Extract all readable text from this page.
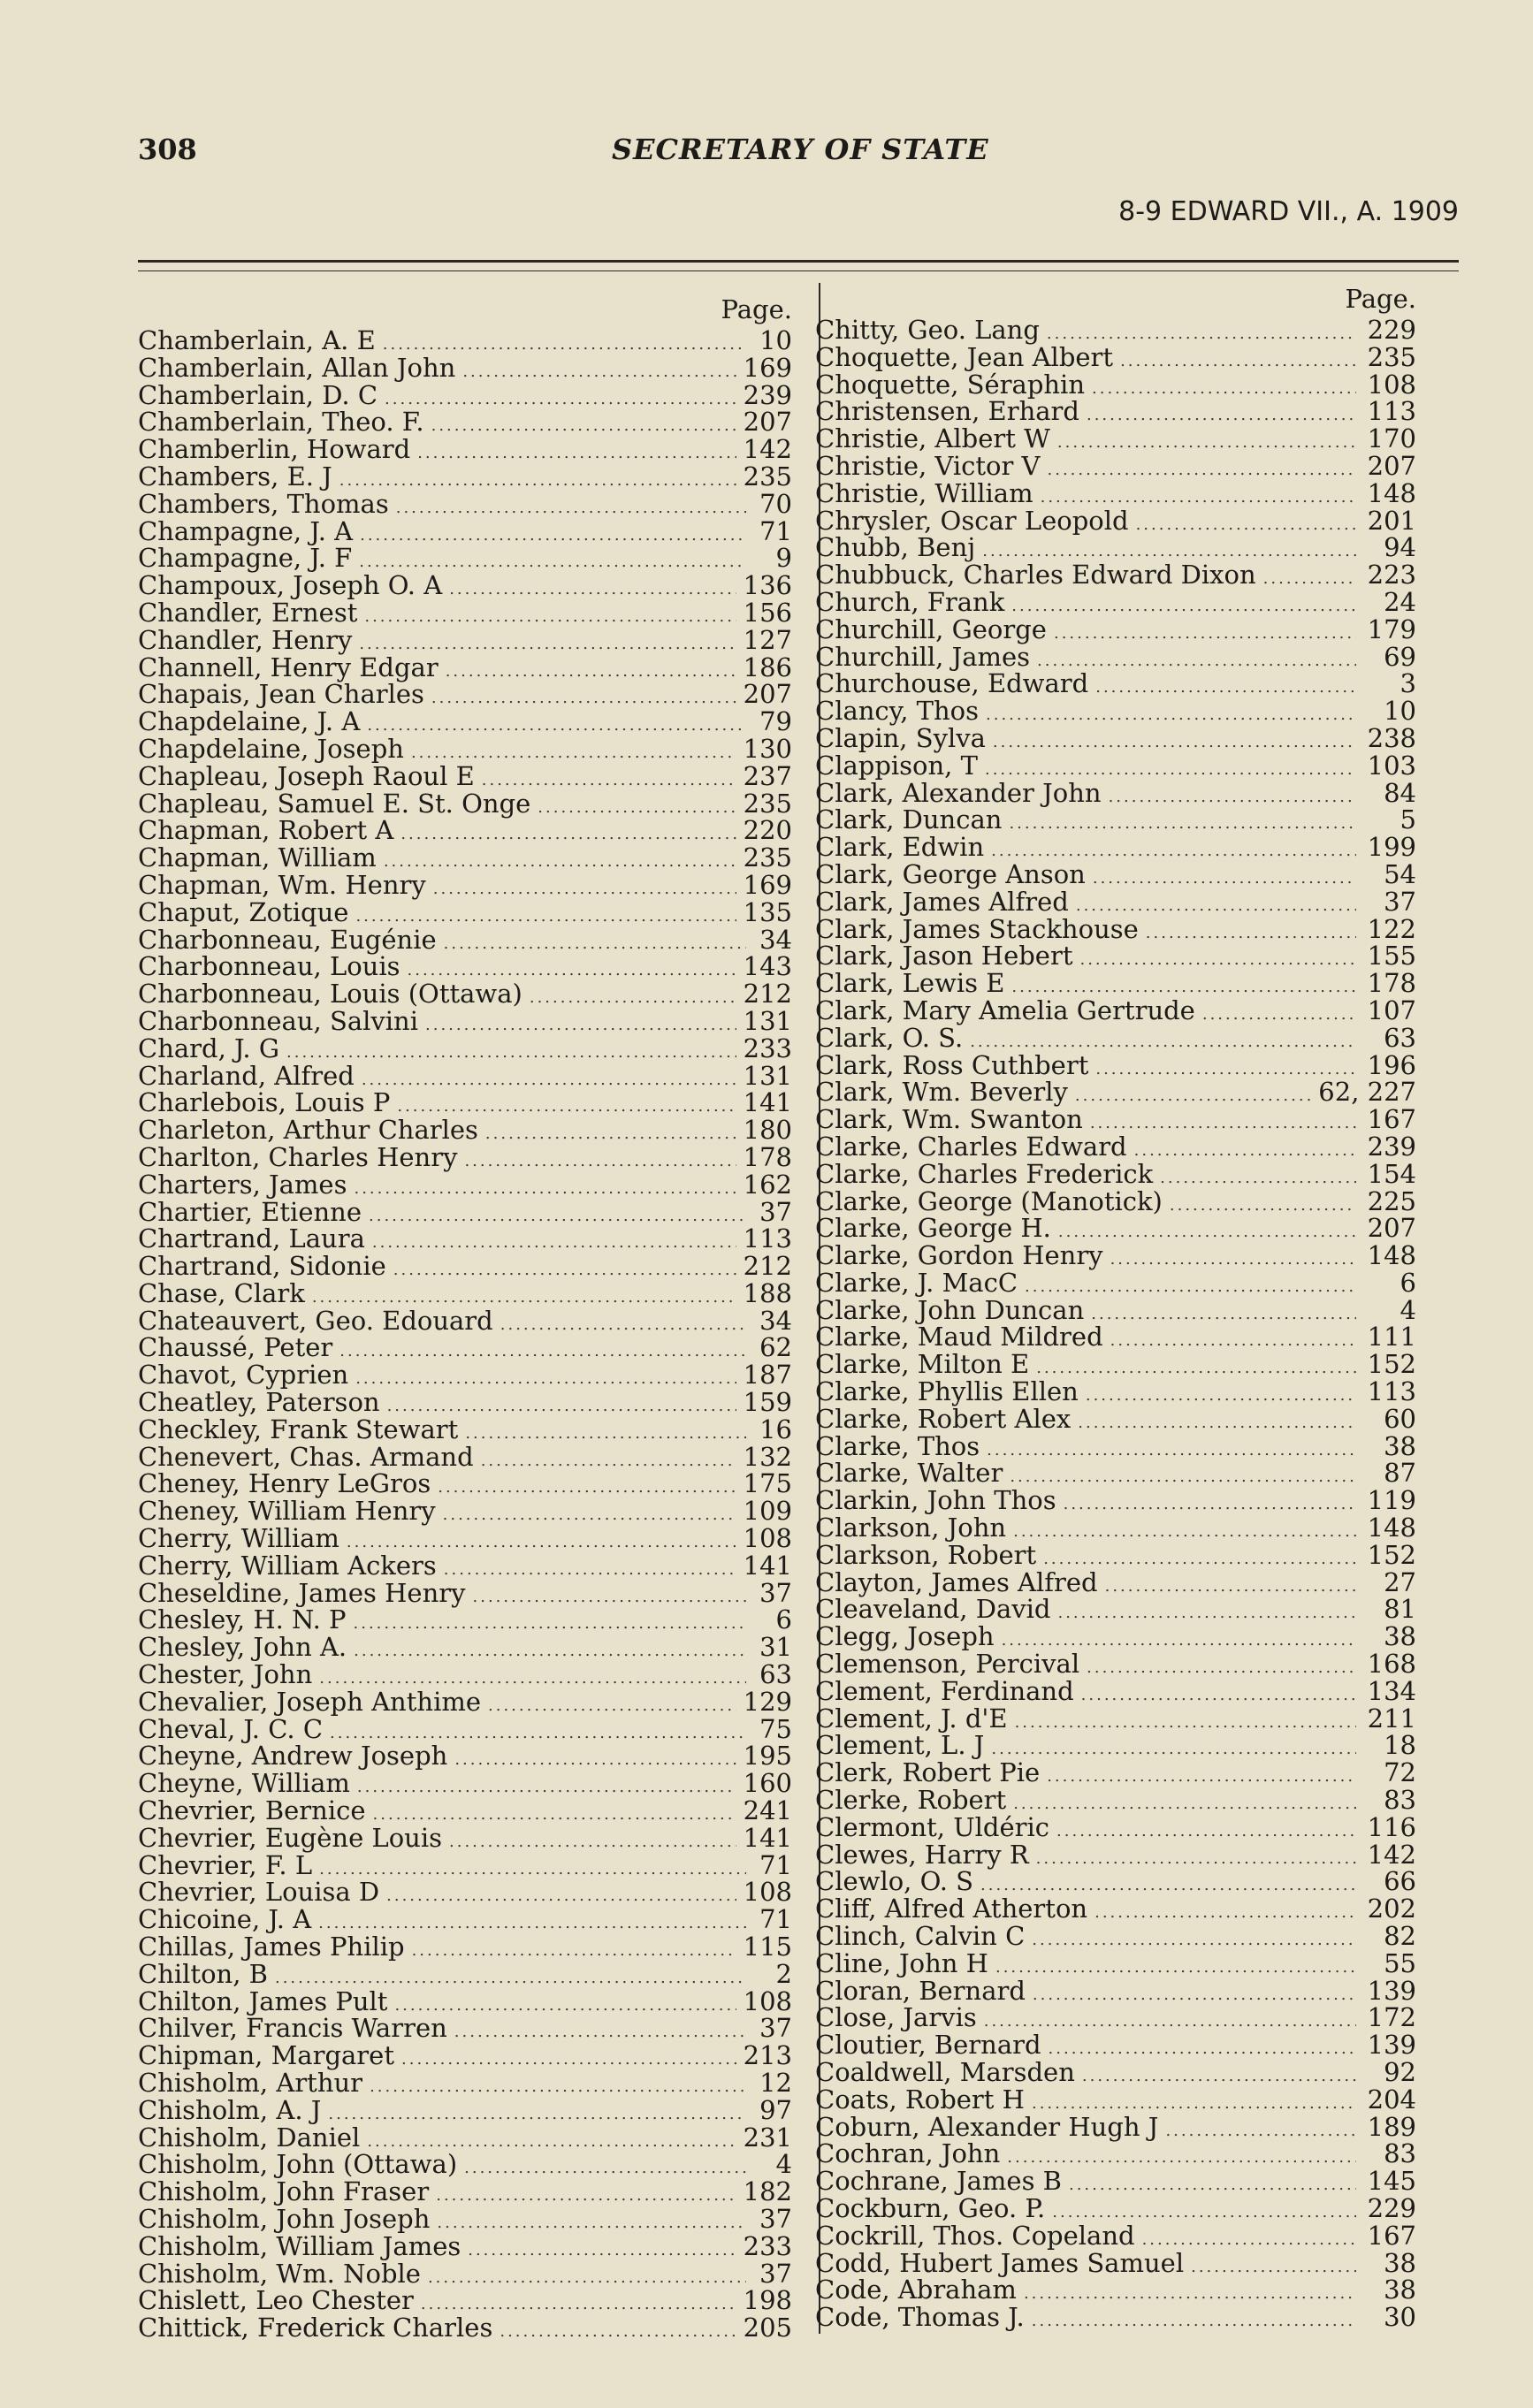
308	SECRETARY OF STATE
8-9 EDWARD VII., A. 1909
Page.
Chamberlain, A. E .....	10
Chamberlain, Allan John .....	169
Chamberlain, D. C .....	239
Chamberlain, Theo. F. .....	207
Chamberlin, Howard .....	142
Chambers, E. J .....	235
Chambers, Thomas .....	70
Champagne, J. A .....	71
Champagne, J. F .....	9
Champoux, Joseph O. A .....	136
Chandler, Ernest .....	156
Chandler, Henry .....	127
Channell, Henry Edgar .....	186
Chapais, Jean Charles .....	207
Chapdelaine, J. A .....	79
Chapdelaine, Joseph .....	130
Chapleau, Joseph Raoul E .....	237
Chapleau, Samuel E. St. Onge .....	235
Chapman, Robert A .....	220
Chapman, William .....	235
Chapman, Wm. Henry .....	169
Chaput, Zotique .....	135
Charbonneau, Eugénie .....	34
Charbonneau, Louis .....	143
Charbonneau, Louis (Ottawa) .....	212
Charbonneau, Salvini .....	131
Chard, J. G .....	233
Charland, Alfred .....	131
Charlebois, Louis P .....	141
Charleton, Arthur Charles .....	180
Charlton, Charles Henry .....	178
Charters, James .....	162
Chartier, Etienne .....	37
Chartrand, Laura .....	113
Chartrand, Sidonie .....	212
Chase, Clark .....	188
Chateauvert, Geo. Edouard .....	34
Chaussé, Peter .....	62
Chavot, Cyprien .....	187
Cheatley, Paterson .....	159
Checkley, Frank Stewart .....	16
Chenevert, Chas. Armand .....	132
Cheney, Henry LeGros .....	175
Cheney, William Henry .....	109
Cherry, William .....	108
Cherry, William Ackers .....	141
Cheseldine, James Henry .....	37
Chesley, H. N. P .....	6
Chesley, John A. .....	31
Chester, John .....	63
Chevalier, Joseph Anthime .....	129
Cheval, J. C. C .....	75
Cheyne, Andrew Joseph .....	195
Cheyne, William .....	160
Chevrier, Bernice .....	241
Chevrier, Eugène Louis .....	141
Chevrier, F. L .....	71
Chevrier, Louisa D .....	108
Chicoine, J. A .....	71
Chillas, James Philip .....	115
Chilton, B .....	2
Chilton, James Pult .....	108
Chilver, Francis Warren .....	37
Chipman, Margaret .....	213
Chisholm, Arthur .....	12
Chisholm, A. J .....	97
Chisholm, Daniel .....	231
Chisholm, John (Ottawa) .....	4
Chisholm, John Fraser .....	182
Chisholm, John Joseph .....	37
Chisholm, William James .....	233
Chisholm, Wm. Noble .....	37
Chislett, Leo Chester .....	198
Chittick, Frederick Charles .....	205
Page.
Chitty, Geo. Lang .....	229
Choquette, Jean Albert .....	235
Choquette, Séraphin .....	108
Christensen, Erhard .....	113
Christie, Albert W .....	170
Christie, Victor V .....	207
Christie, William .....	148
Chrysler, Oscar Leopold .....	201
Chubb, Benj .....	94
Chubbuck, Charles Edward Dixon .....	223
Church, Frank .....	24
Churchill, George .....	179
Churchill, James .....	69
Churchouse, Edward .....	3
Clancy, Thos .....	10
Clapin, Sylva .....	238
Clappison, T .....	103
Clark, Alexander John .....	84
Clark, Duncan .....	5
Clark, Edwin .....	199
Clark, George Anson .....	54
Clark, James Alfred .....	37
Clark, James Stackhouse .....	122
Clark, Jason Hebert .....	155
Clark, Lewis E .....	178
Clark, Mary Amelia Gertrude .....	107
Clark, O. S. .....	63
Clark, Ross Cuthbert .....	196
Clark, Wm. Beverly .....	62, 227
Clark, Wm. Swanton .....	167
Clarke, Charles Edward .....	239
Clarke, Charles Frederick .....	154
Clarke, George (Manotick) .....	225
Clarke, George H. .....	207
Clarke, Gordon Henry .....	148
Clarke, J. MacC .....	6
Clarke, John Duncan .....	4
Clarke, Maud Mildred .....	111
Clarke, Milton E .....	152
Clarke, Phyllis Ellen .....	113
Clarke, Robert Alex .....	60
Clarke, Thos .....	38
Clarke, Walter .....	87
Clarkin, John Thos .....	119
Clarkson, John .....	148
Clarkson, Robert .....	152
Clayton, James Alfred .....	27
Cleaveland, David .....	81
Clegg, Joseph .....	38
Clemenson, Percival .....	168
Clement, Ferdinand .....	134
Clement, J. d'E .....	211
Clement, L. J .....	18
Clerk, Robert Pie .....	72
Clerke, Robert .....	83
Clermont, Uldéric .....	116
Clewes, Harry R .....	142
Clewlo, O. S .....	66
Cliff, Alfred Atherton .....	202
Clinch, Calvin C .....	82
Cline, John H .....	55
Cloran, Bernard .....	139
Close, Jarvis .....	172
Cloutier, Bernard .....	139
Coaldwell, Marsden .....	92
Coats, Robert H .....	204
Coburn, Alexander Hugh J .....	189
Cochran, John .....	83
Cochrane, James B .....	145
Cockburn, Geo. P. .....	229
Cockrill, Thos. Copeland .....	167
Codd, Hubert James Samuel .....	38
Code, Abraham .....	38
Code, Thomas J. .....	30
